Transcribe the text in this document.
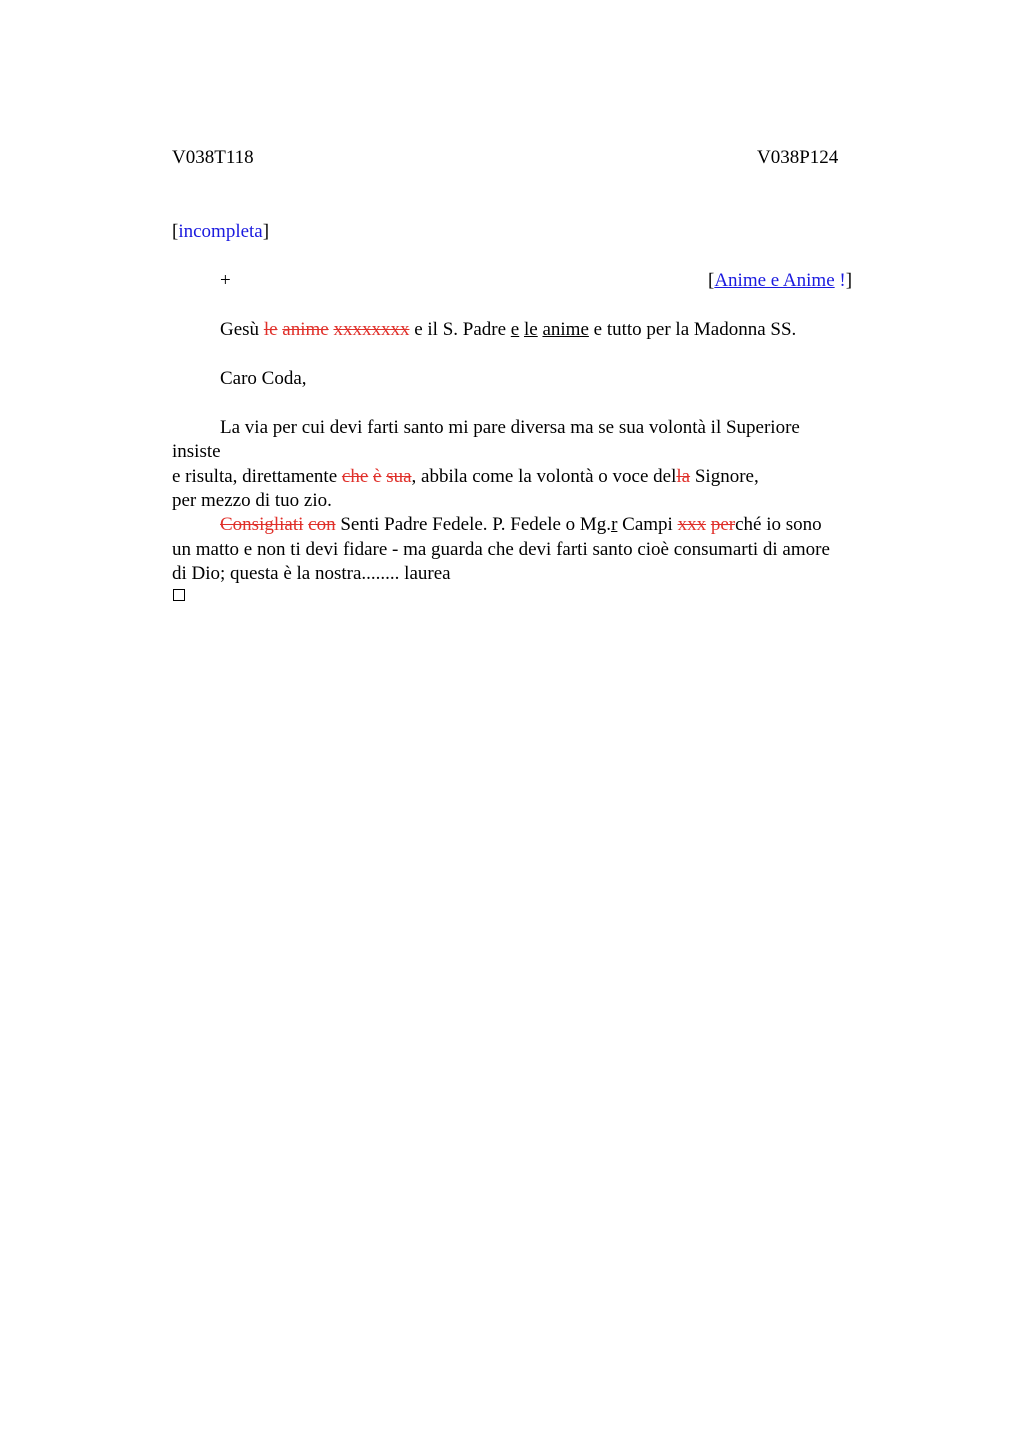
V038T118	V038P124
[incompleta]
+	[Anime e Anime !]
Gesù le anime xxxxxxxx e il S. Padre e le anime e tutto per la Madonna SS.
Caro Coda,
La via per cui devi farti santo mi pare diversa ma se sua volontà il Superiore
insiste
e risulta, direttamente che è sua, abbila come la volontà o voce della Signore,
per mezzo di tuo zio.
Consigliati con Senti Padre Fedele. P. Fedele o Mg.r Campi xxx perché io sono
un matto e non ti devi fidare - ma guarda che devi farti santo cioè consumarti di amore
di Dio; questa è la nostra........ laurea
